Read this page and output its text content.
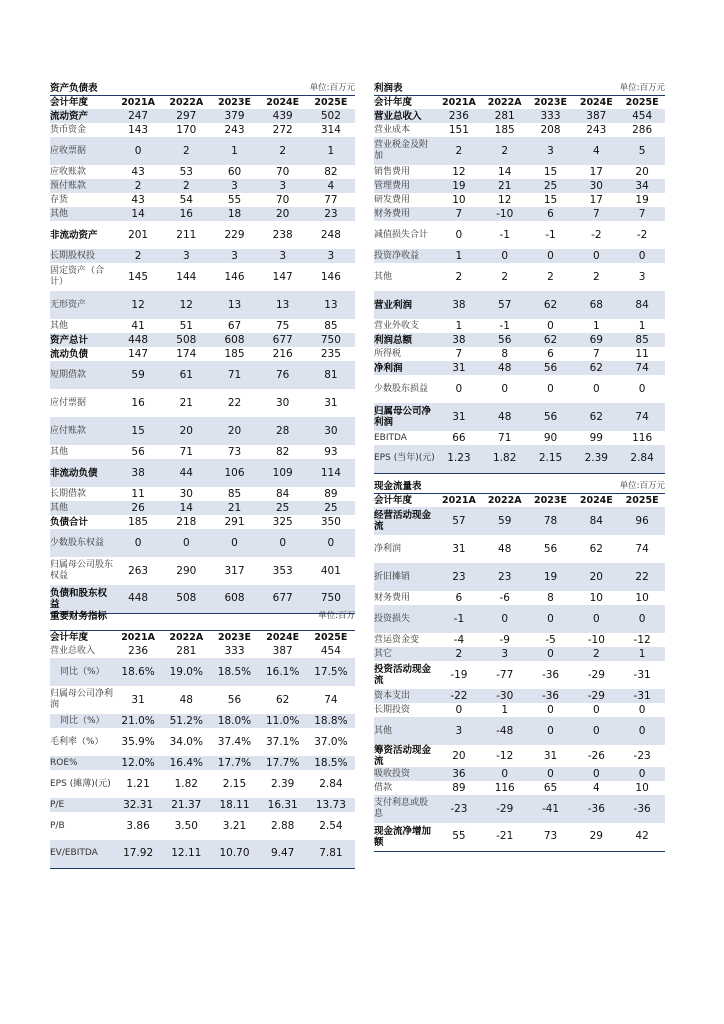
资产负债表			单位:百万元		
会计年度	2021A	2022A	2023E	2024E	2025E
流动资产	247	297	379	439	502
货币资金	143	170	243	272	314
应收票据	0	2	1	2	1
应收账款	43	53	60	70	82
预付账款	2	2	3	3	4
存货	43	54	55	70	77
其他	14	16	18	20	23
非流动资产	201	211	229	238	248
长期股权投	2	3	3	3	3
固定资产（合计）	145	144	146	147	146
无形资产	12	12	13	13	13
其他	41	51	67	75	85
资产总计	448	508	608	677	750
流动负债	147	174	185	216	235
短期借款	59	61	71	76	81
应付票据	16	21	22	30	31
应付账款	15	20	20	28	30
其他	56	71	73	82	93
非流动负债	38	44	106	109	114
长期借款	11	30	85	84	89
其他	26	14	21	25	25
负债合计	185	218	291	325	350
少数股东权益	0	0	0	0	0
归属母公司股东权益	263	290	317	353	401
负债和股东权益	448	508	608	677	750
重要财务指标			单位:百万		
会计年度	2021A	2022A	2023E	2024E	2025E
营业总收入	236	281	333	387	454
同比（%）	18.6%	19.0%	18.5%	16.1%	17.5%
归属母公司净利润	31	48	56	62	74
同比（%）	21.0%	51.2%	18.0%	11.0%	18.8%
毛利率（%）	35.9%	34.0%	37.4%	37.1%	37.0%
ROE%	12.0%	16.4%	17.7%	17.7%	18.5%
EPS (摊薄)(元)	1.21	1.82	2.15	2.39	2.84
P/E	32.31	21.37	18.11	16.31	13.73
P/B	3.86	3.50	3.21	2.88	2.54
EV/EBITDA	17.92	12.11	10.70	9.47	7.81
利润表			单位:百万元		
会计年度	2021A	2022A	2023E	2024E	2025E
营业总收入	236	281	333	387	454
营业成本	151	185	208	243	286
营业税金及附加	2	2	3	4	5
销售费用	12	14	15	17	20
管理费用	19	21	25	30	34
研发费用	10	12	15	17	19
财务费用	7	-10	6	7	7
减值损失合计	0	-1	-1	-2	-2
投资净收益	1	0	0	0	0
其他	2	2	2	2	3
营业利润	38	57	62	68	84
营业外收支	1	-1	0	1	1
利润总额	38	56	62	69	85
所得税	7	8	6	7	11
净利润	31	48	56	62	74
少数股东损益	0	0	0	0	0
归属母公司净利润	31	48	56	62	74
EBITDA	66	71	90	99	116
EPS (当年)(元)	1.23	1.82	2.15	2.39	2.84
现金流量表			单位:百万元		
会计年度	2021A	2022A	2023E	2024E	2025E
经营活动现金流	57	59	78	84	96
净利润	31	48	56	62	74
折旧摊销	23	23	19	20	22
财务费用	6	-6	8	10	10
投资损失	-1	0	0	0	0
营运资金变	-4	-9	-5	-10	-12
其它	2	3	0	2	1
投资活动现金流	-19	-77	-36	-29	-31
资本支出	-22	-30	-36	-29	-31
长期投资	0	1	0	0	0
其他	3	-48	0	0	0
筹资活动现金流	20	-12	31	-26	-23
吸收投资	36	0	0	0	0
借款	89	116	65	4	10
支付利息或股息	-23	-29	-41	-36	-36
现金流净增加额	55	-21	73	29	42
